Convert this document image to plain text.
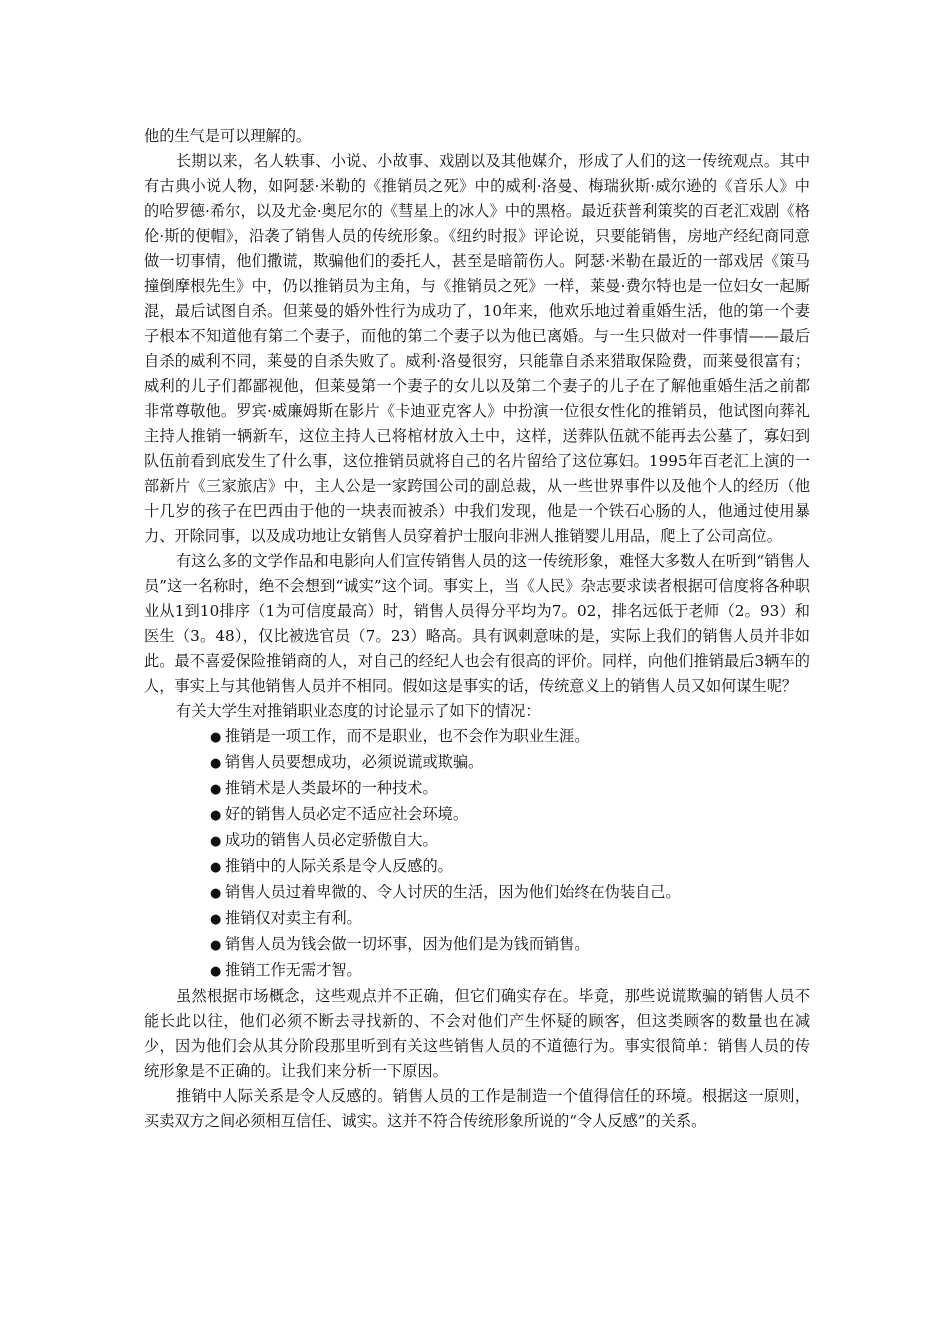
他的生气是可以理解的。

长期以来，名人轶事、小说、小故事、戏剧以及其他媒介，形成了人们的这一传统观点。其中有古典小说人物，如阿瑟·米勒的《推销员之死》中的威利·洛曼、梅瑞狄斯·威尔逊的《音乐人》中的哈罗德·希尔，以及尤金·奥尼尔的《彗星上的冰人》中的黑格。最近获普利策奖的百老汇戏剧《格伦·斯的便帽》，沿袭了销售人员的传统形象。《纽约时报》评论说，只要能销售，房地产经纪商同意做一切事情，他们撒谎，欺骗他们的委托人，甚至是暗箭伤人。阿瑟·米勒在最近的一部戏居《策马撞倒摩根先生》中，仍以推销员为主角，与《推销员之死》一样，莱曼·费尔特也是一位妇女一起厮混，最后试图自杀。但莱曼的婚外性行为成功了，10年来，他欢乐地过着重婚生活，他的第一个妻子根本不知道他有第二个妻子，而他的第二个妻子以为他已离婚。与一生只做对一件事情——最后自杀的威利不同，莱曼的自杀失败了。威利·洛曼很穷，只能靠自杀来猎取保险费，而莱曼很富有；威利的儿子们都鄙视他，但莱曼第一个妻子的女儿以及第二个妻子的儿子在了解他重婚生活之前都非常尊敬他。罗宾·威廉姆斯在影片《卡迪亚克客人》中扮演一位很女性化的推销员，他试图向葬礼主持人推销一辆新车，这位主持人已将棺材放入土中，这样，送葬队伍就不能再去公墓了，寡妇到队伍前看到底发生了什么事，这位推销员就将自己的名片留给了这位寡妇。1995年百老汇上演的一部新片《三家旅店》中，主人公是一家跨国公司的副总裁，从一些世界事件以及他个人的经历（他十几岁的孩子在巴西由于他的一块表而被杀）中我们发现，他是一个铁石心肠的人，他通过使用暴力、开除同事，以及成功地让女销售人员穿着护士服向非洲人推销婴儿用品，爬上了公司高位。

有这么多的文学作品和电影向人们宣传销售人员的这一传统形象，难怪大多数人在听到“销售人员”这一名称时，绝不会想到“诚实”这个词。事实上，当《人民》杂志要求读者根据可信度将各种职业从1到10排序（1为可信度最高）时，销售人员得分平均为7。02，排名远低于老师（2。93）和医生（3。48），仅比被选官员（7。23）略高。具有讽刺意味的是，实际上我们的销售人员并非如此。最不喜爱保险推销商的人，对自己的经纪人也会有很高的评价。同样，向他们推销最后3辆车的人，事实上与其他销售人员并不相同。假如这是事实的话，传统意义上的销售人员又如何谋生呢？

有关大学生对推销职业态度的讨论显示了如下的情况：

● 推销是一项工作，而不是职业，也不会作为职业生涯。
● 销售人员要想成功，必须说谎或欺骗。
● 推销术是人类最坏的一种技术。
● 好的销售人员必定不适应社会环境。
● 成功的销售人员必定骄傲自大。
● 推销中的人际关系是令人反感的。
● 销售人员过着卑微的、令人讨厌的生活，因为他们始终在伪装自己。
● 推销仅对卖主有利。
● 销售人员为钱会做一切坏事，因为他们是为钱而销售。
● 推销工作无需才智。

虽然根据市场概念，这些观点并不正确，但它们确实存在。毕竟，那些说谎欺骗的销售人员不能长此以往，他们必须不断去寻找新的、不会对他们产生怀疑的顾客，但这类顾客的数量也在减少，因为他们会从其分阶段那里听到有关这些销售人员的不道德行为。事实很简单：销售人员的传统形象是不正确的。让我们来分析一下原因。

推销中人际关系是令人反感的。销售人员的工作是制造一个值得信任的环境。根据这一原则，买卖双方之间必须相互信任、诚实。这并不符合传统形象所说的“令人反感”的关系。
